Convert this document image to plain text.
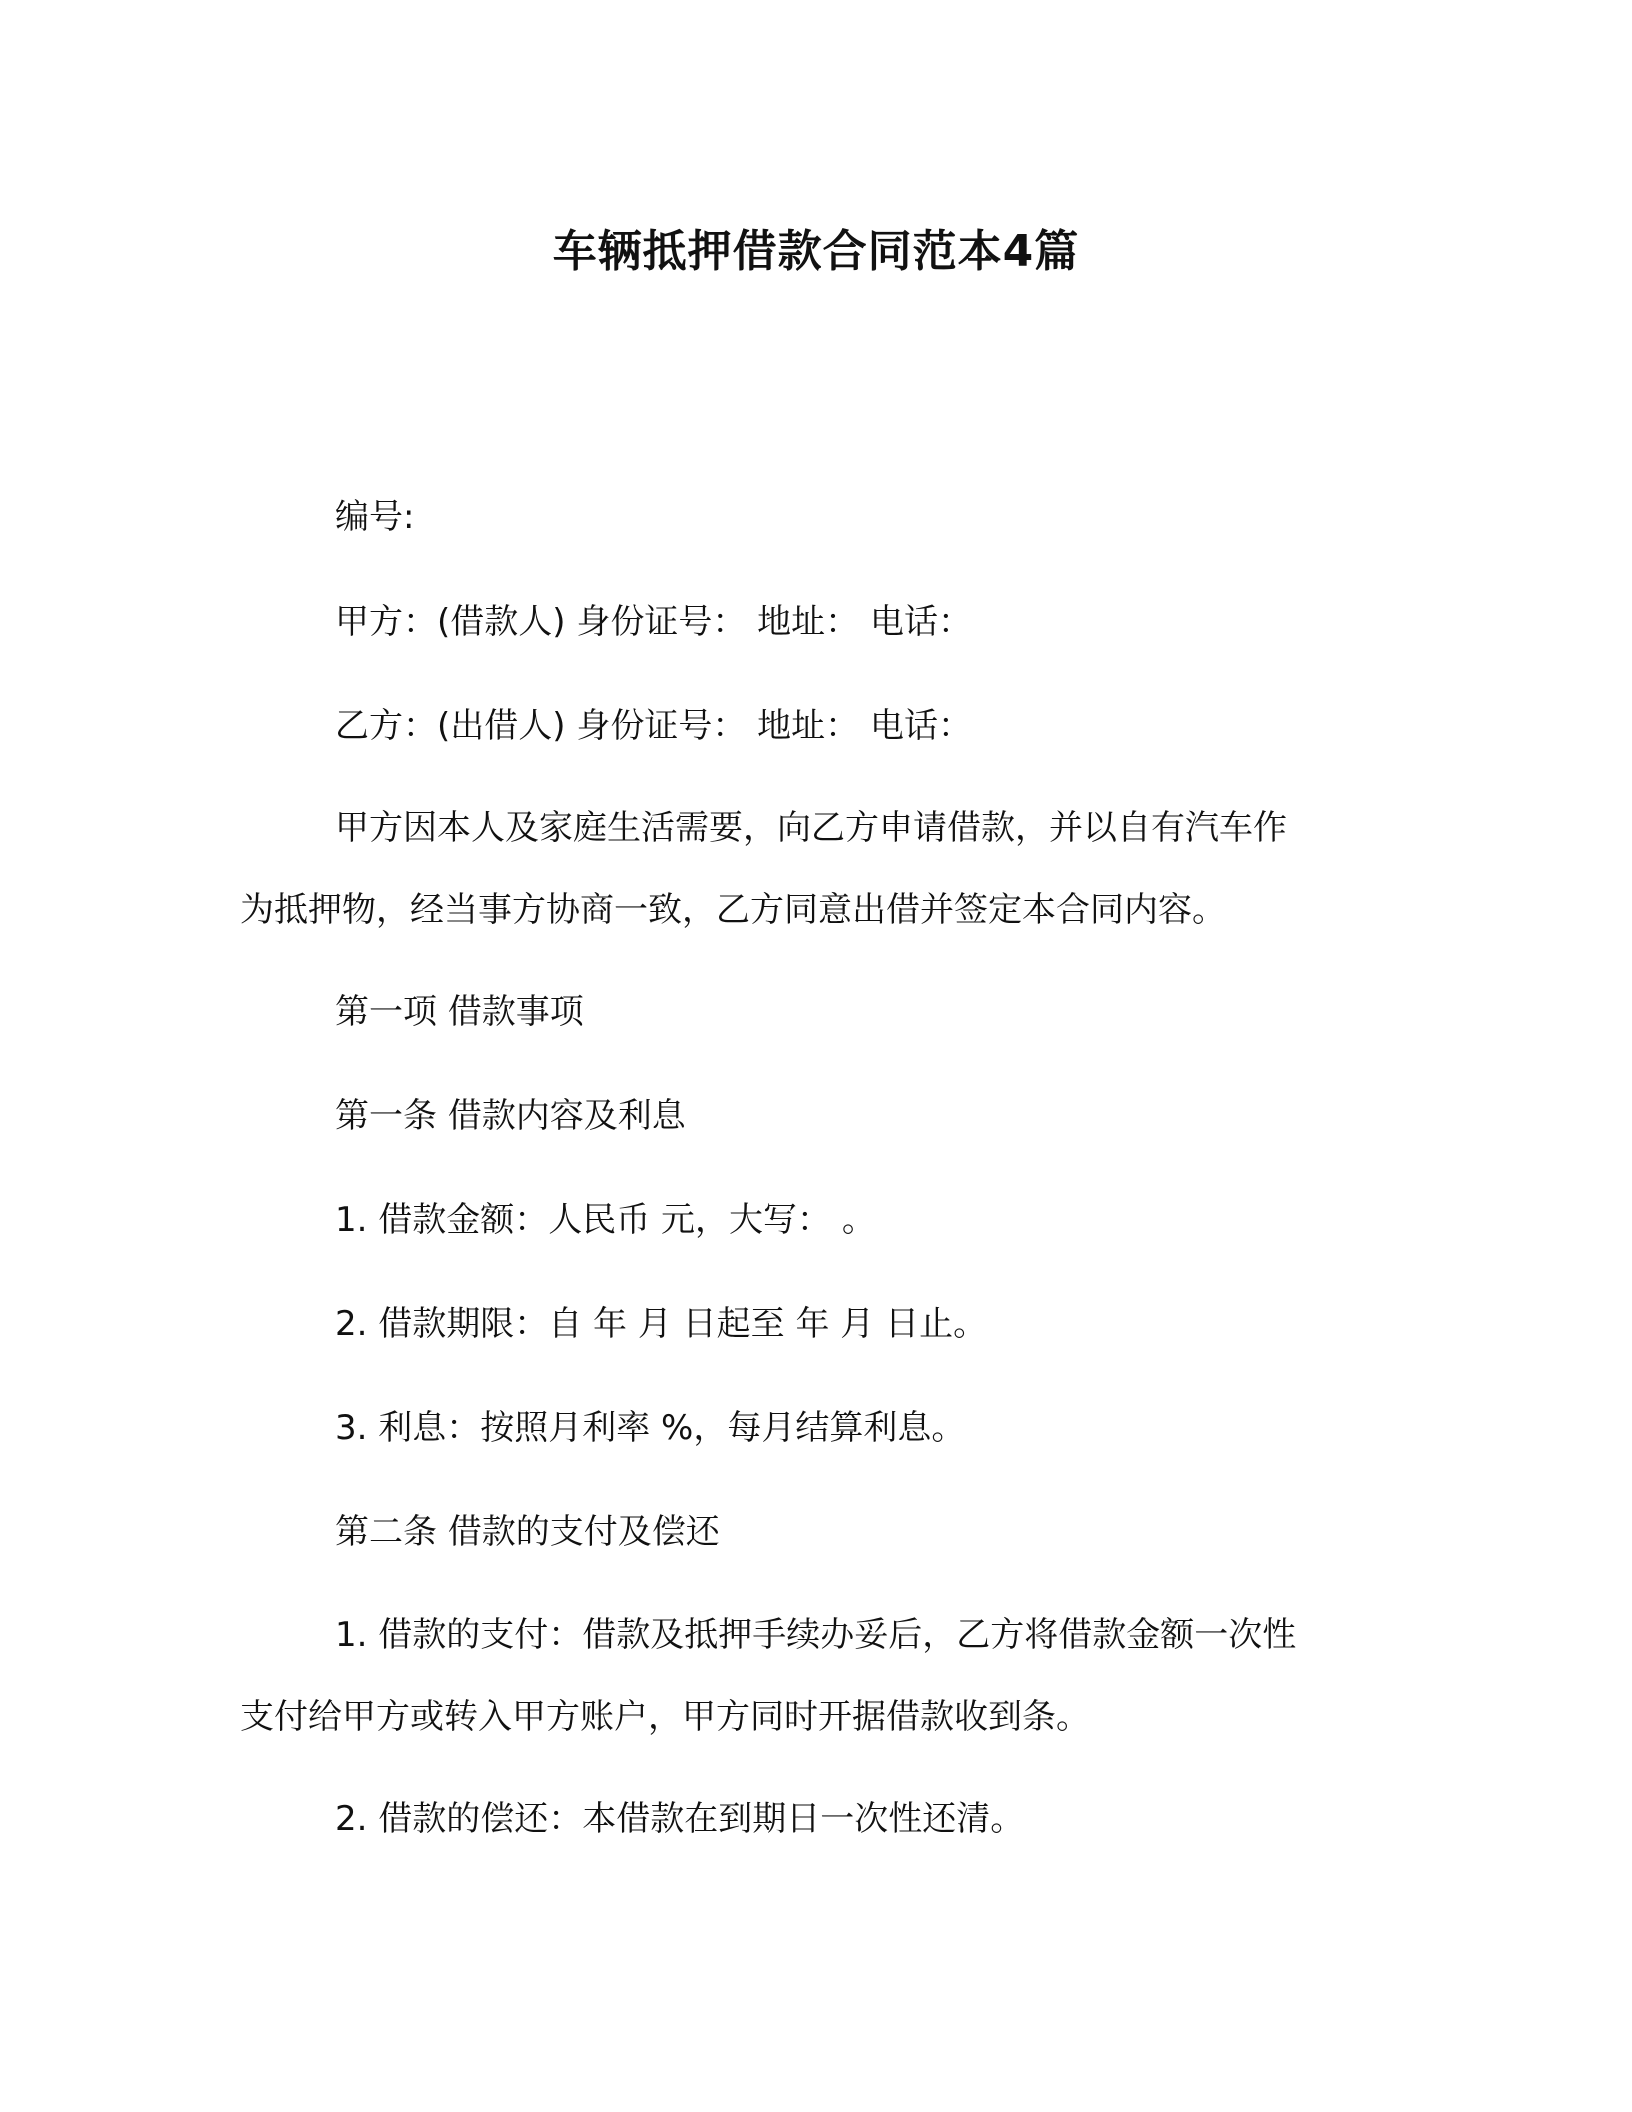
车辆抵押借款合同范本4篇

编号:

甲方：(借款人) 身份证号： 地址： 电话：

乙方：(出借人) 身份证号： 地址： 电话：

甲方因本人及家庭生活需要，向乙方申请借款，并以自有汽车作
为抵押物，经当事方协商一致，乙方同意出借并签定本合同内容。

第一项 借款事项

第一条 借款内容及利息

1. 借款金额：人民币 元，大写： 。

2. 借款期限：自 年 月 日起至 年 月 日止。

3. 利息：按照月利率 %，每月结算利息。

第二条 借款的支付及偿还

1. 借款的支付：借款及抵押手续办妥后，乙方将借款金额一次性
支付给甲方或转入甲方账户，甲方同时开据借款收到条。

2. 借款的偿还：本借款在到期日一次性还清。
